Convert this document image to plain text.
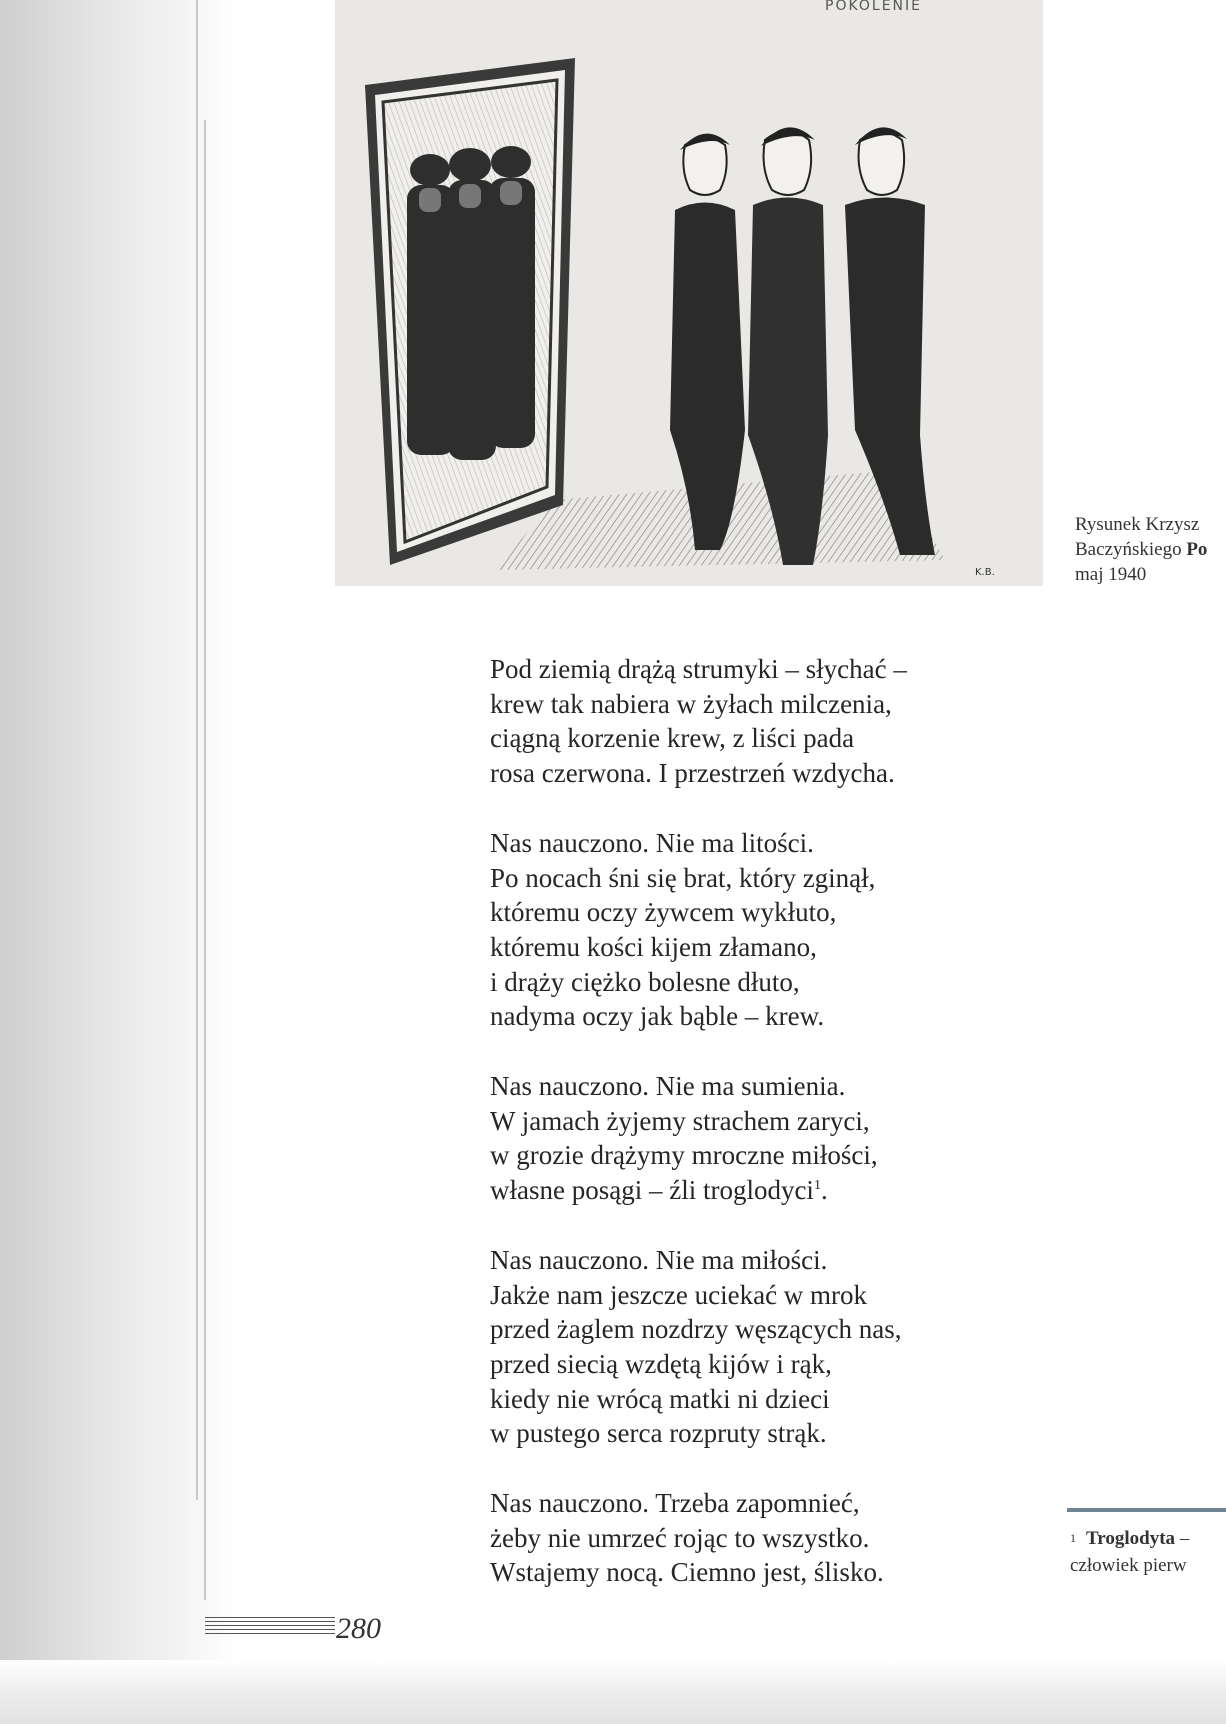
POKOLENIE
K.B.
Rysunek Krzysz
Baczyńskiego Po
maj 1940
Pod ziemią drążą strumyki – słychać –
krew tak nabiera w żyłach milczenia,
ciągną korzenie krew, z liści pada
rosa czerwona. I przestrzeń wzdycha.
Nas nauczono. Nie ma litości.
Po nocach śni się brat, który zginął,
któremu oczy żywcem wykłuto,
któremu kości kijem złamano,
i drąży ciężko bolesne dłuto,
nadyma oczy jak bąble – krew.
Nas nauczono. Nie ma sumienia.
W jamach żyjemy strachem zaryci,
w grozie drążymy mroczne miłości,
własne posągi – źli troglodyci$^1$.
Nas nauczono. Nie ma miłości.
Jakże nam jeszcze uciekać w mrok
przed żaglem nozdrzy węszących nas,
przed siecią wzdętą kijów i rąk,
kiedy nie wrócą matki ni dzieci
w pustego serca rozpruty strąk.
Nas nauczono. Trzeba zapomnieć,
żeby nie umrzeć rojąc to wszystko.
Wstajemy nocą. Ciemno jest, ślisko.
$^1$ Troglodyta –
człowiek pierw
280
